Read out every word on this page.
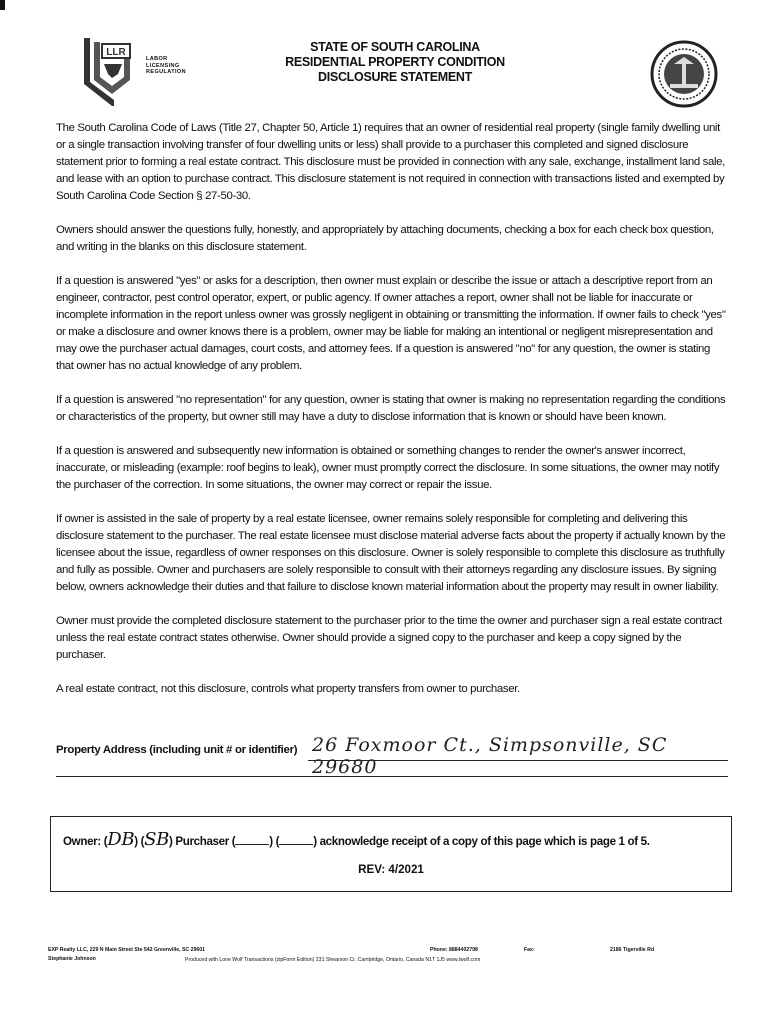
LLR
LABOR
LICENSING
REGULATION
STATE OF SOUTH CAROLINA
RESIDENTIAL PROPERTY CONDITION
DISCLOSURE STATEMENT

The South Carolina Code of Laws (Title 27, Chapter 50, Article 1) requires that an owner of residential real property (single family dwelling unit or a single transaction involving transfer of four dwelling units or less) shall provide to a purchaser this completed and signed disclosure statement prior to forming a real estate contract. This disclosure must be provided in connection with any sale, exchange, installment land sale, and lease with an option to purchase contract. This disclosure statement is not required in connection with transactions listed and exempted by South Carolina Code Section § 27-50-30.

Owners should answer the questions fully, honestly, and appropriately by attaching documents, checking a box for each check box question, and writing in the blanks on this disclosure statement.

If a question is answered "yes" or asks for a description, then owner must explain or describe the issue or attach a descriptive report from an engineer, contractor, pest control operator, expert, or public agency. If owner attaches a report, owner shall not be liable for inaccurate or incomplete information in the report unless owner was grossly negligent in obtaining or transmitting the information. If owner fails to check "yes" or make a disclosure and owner knows there is a problem, owner may be liable for making an intentional or negligent misrepresentation and may owe the purchaser actual damages, court costs, and attorney fees. If a question is answered "no" for any question, the owner is stating that owner has no actual knowledge of any problem.

If a question is answered "no representation" for any question, owner is stating that owner is making no representation regarding the conditions or characteristics of the property, but owner still may have a duty to disclose information that is known or should have been known.

If a question is answered and subsequently new information is obtained or something changes to render the owner's answer incorrect, inaccurate, or misleading (example: roof begins to leak), owner must promptly correct the disclosure. In some situations, the owner may notify the purchaser of the correction. In some situations, the owner may correct or repair the issue.

If owner is assisted in the sale of property by a real estate licensee, owner remains solely responsible for completing and delivering this disclosure statement to the purchaser. The real estate licensee must disclose material adverse facts about the property if actually known by the licensee about the issue, regardless of owner responses on this disclosure. Owner is solely responsible to complete this disclosure as truthfully and fully as possible. Owner and purchasers are solely responsible to consult with their attorneys regarding any disclosure issues. By signing below, owners acknowledge their duties and that failure to disclose known material information about the property may result in owner liability.

Owner must provide the completed disclosure statement to the purchaser prior to the time the owner and purchaser sign a real estate contract unless the real estate contract states otherwise. Owner should provide a signed copy to the purchaser and keep a copy signed by the purchaser.

A real estate contract, not this disclosure, controls what property transfers from owner to purchaser.

Property Address (including unit # or identifier) 26 Foxmoor Ct., Simpsonville, SC 29680
Owner: (DB) (SB) Purchaser (	) (	) acknowledge receipt of a copy of this page which is page 1 of 5.
REV: 4/2021
EXP Realty LLC, 229 N Main Street Ste 542 Greenville, SC 29601
Stephanie Johnson
Phone: 8884402798	Fax:	2186 Tigerville Rd
Produced with Lone Wolf Transactions (zipForm Edition) 231 Shearson Cr. Cambridge, Ontario, Canada N1T 1J5 www.lwolf.com
